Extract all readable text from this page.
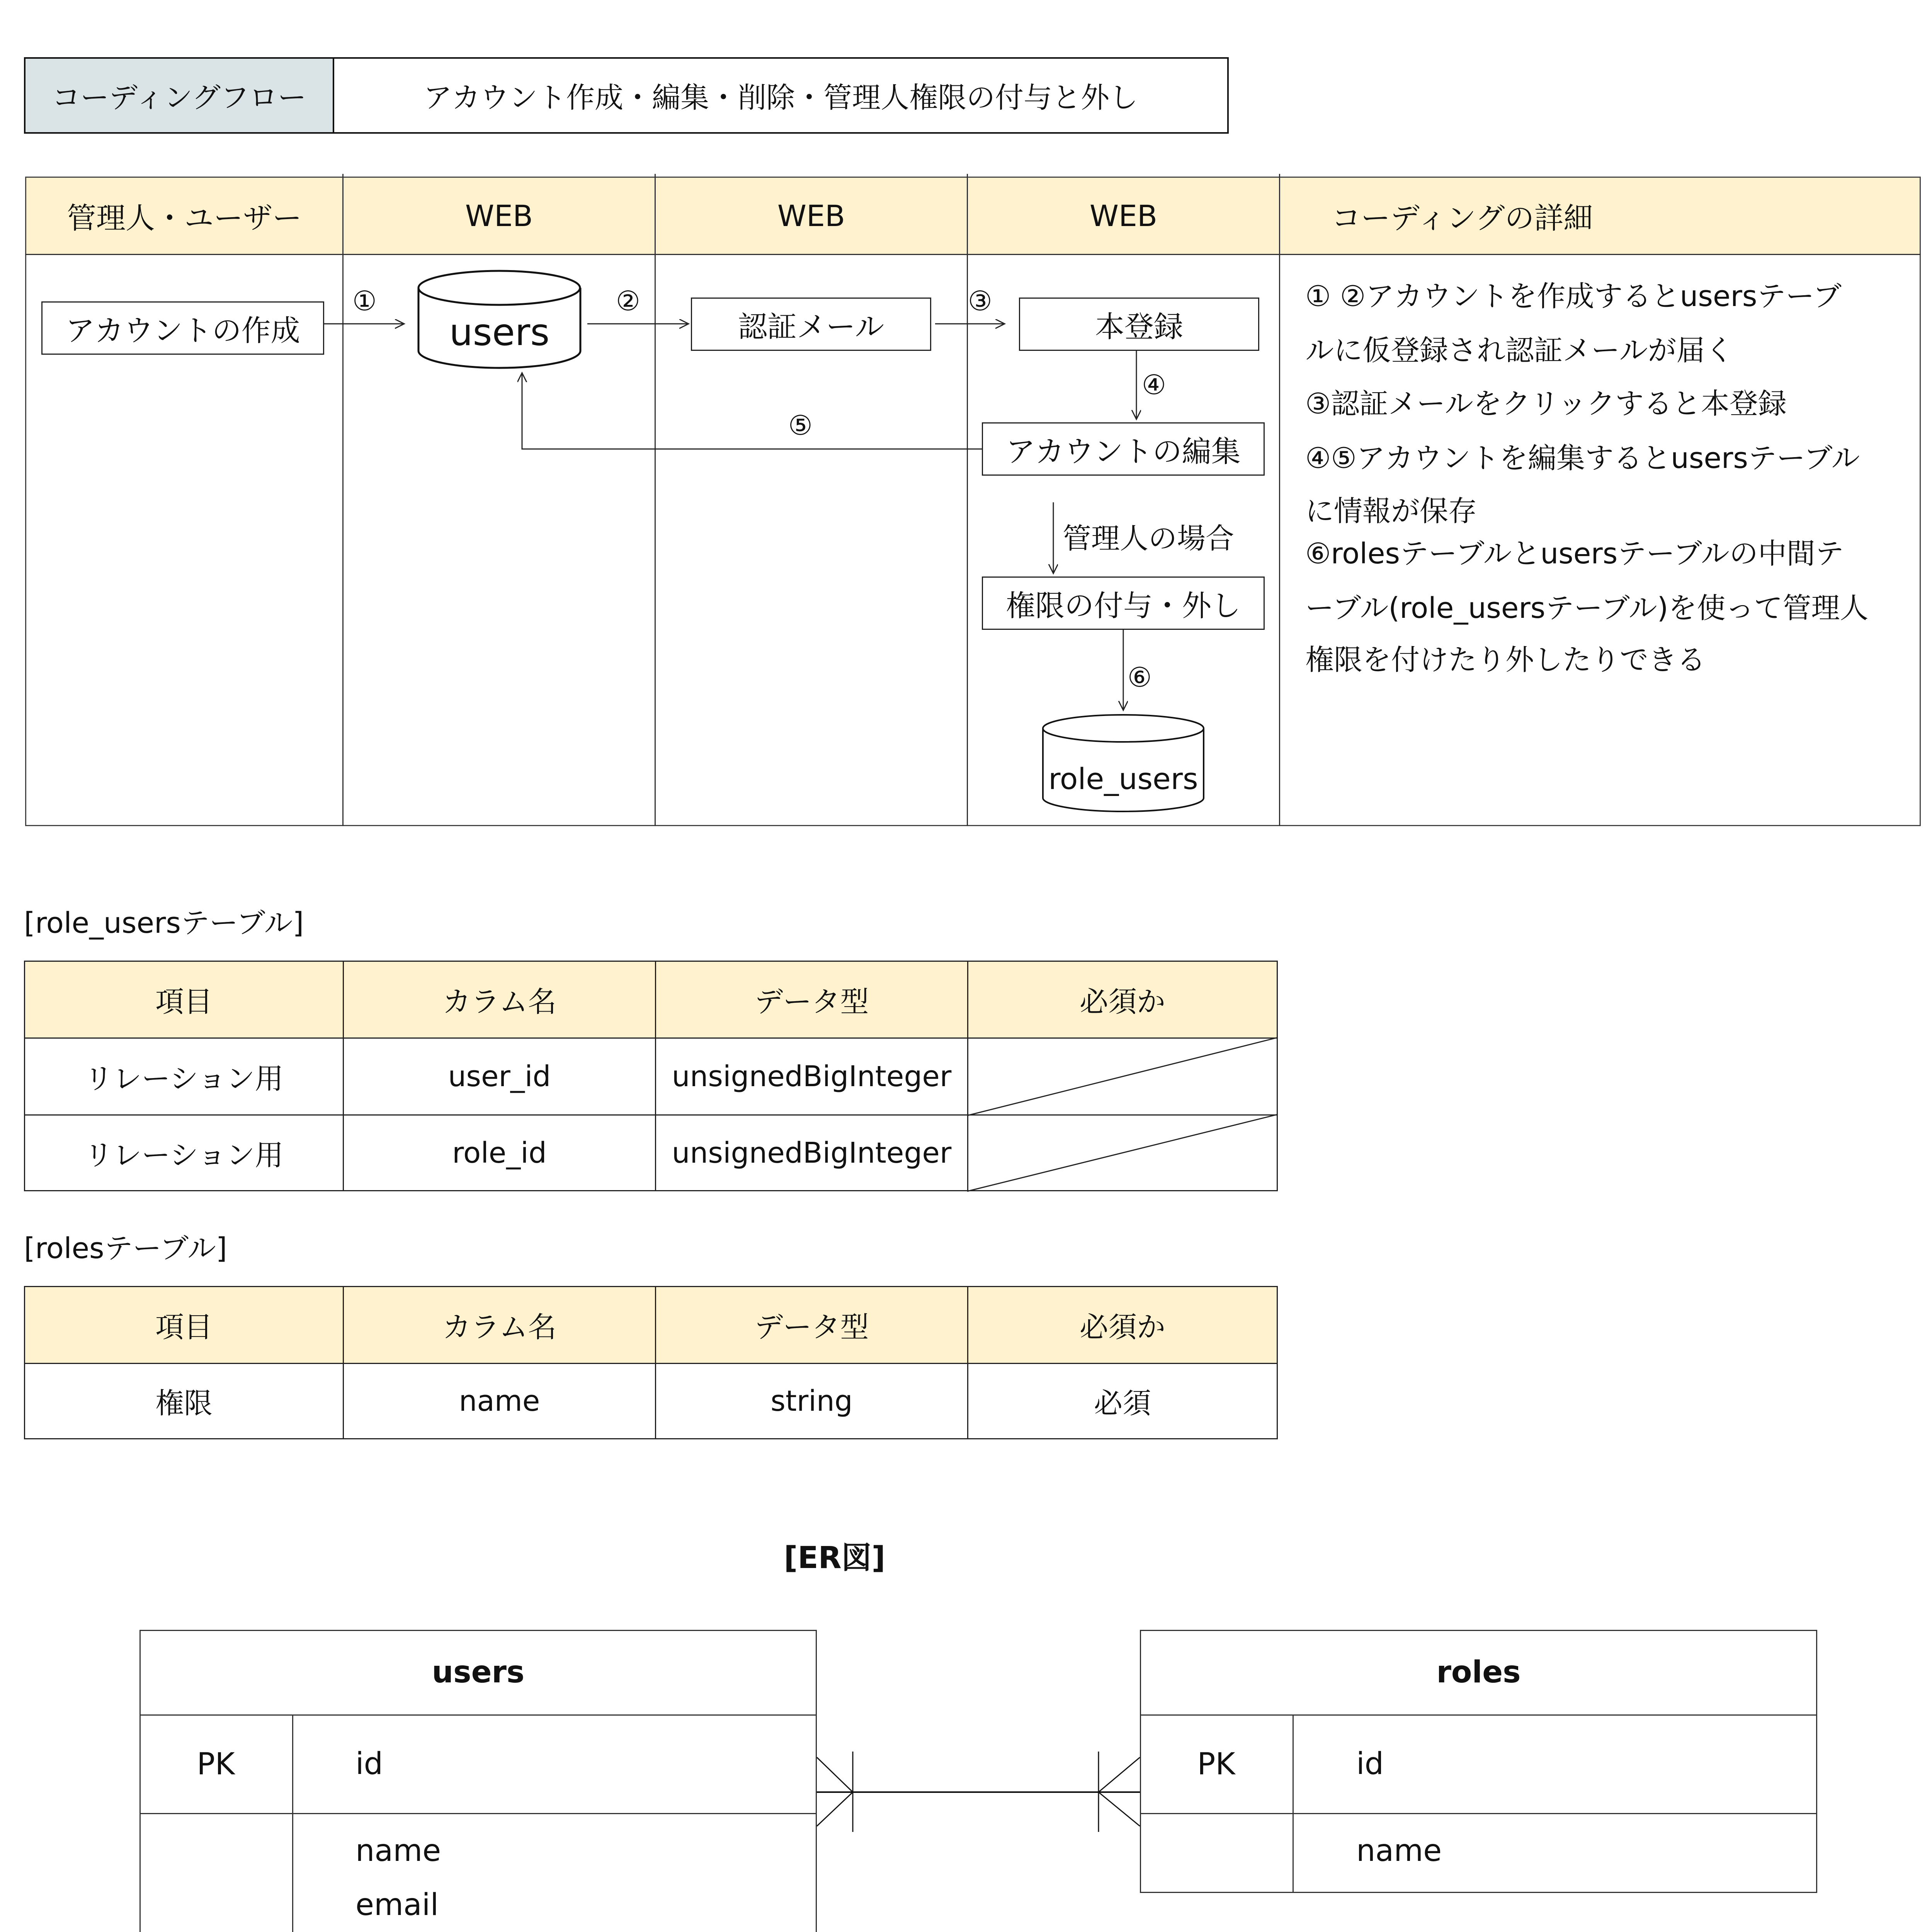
コーディングフロー	アカウント作成・編集・削除・管理人権限の付与と外し
管理人・ユーザー	WEB	WEB	WEB	コーディングの詳細
アカウントの作成	users	認証メール	本登録
アカウントの編集
管理人の場合
権限の付与・外し
role_users
①	②	③
④
⑤
⑥
① ②アカウントを作成するとusersテーブ
ルに仮登録され認証メールが届く
③認証メールをクリックすると本登録
④⑤アカウントを編集するとusersテーブル
に情報が保存
⑥rolesテーブルとusersテーブルの中間テ
ーブル(role_usersテーブル)を使って管理人
権限を付けたり外したりできる
[role_usersテーブル]
項目	カラム名	データ型	必須か
リレーション用	user_id	unsignedBigInteger
リレーション用	role_id	unsignedBigInteger
[rolesテーブル]
項目	カラム名	データ型	必須か
権限	name	string	必須
[ER図]
users
PK	id
name
email
roles
PK	id
name
